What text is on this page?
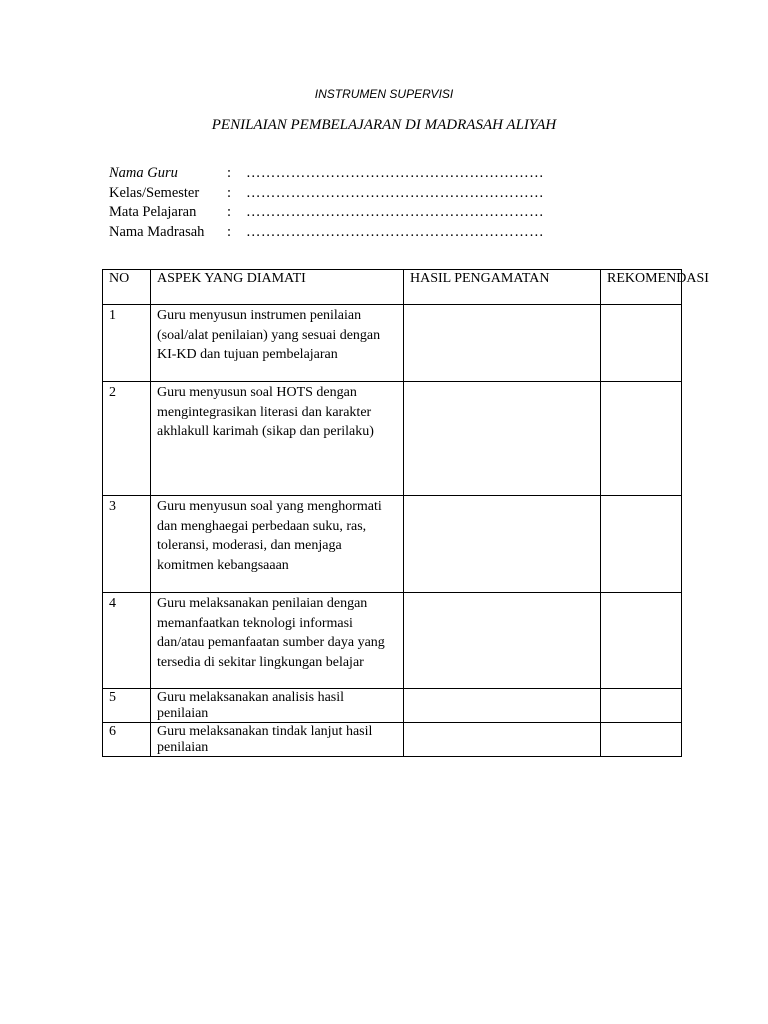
INSTRUMEN SUPERVISI
PENILAIAN PEMBELAJARAN DI MADRASAH ALIYAH
Nama Guru	: ……………………………………………………
Kelas/Semester : ……………………………………………………
Mata Pelajaran : ……………………………………………………
Nama Madrasah : ……………………………………………………
NO	ASPEK YANG DIAMATI	HASIL PENGAMATAN	REKOMENDASI
1	Guru menyusun instrumen penilaian (soal/alat penilaian) yang sesuai dengan KI-KD dan tujuan pembelajaran		
2	Guru menyusun soal HOTS dengan mengintegrasikan literasi dan karakter akhlakull karimah (sikap dan perilaku)		
3	Guru menyusun soal yang menghormati dan menghaegai perbedaan suku, ras, toleransi, moderasi, dan menjaga komitmen kebangsaaan		
4	Guru melaksanakan penilaian dengan memanfaatkan teknologi informasi dan/atau pemanfaatan sumber daya yang tersedia di sekitar lingkungan belajar		
5	Guru melaksanakan analisis hasil penilaian		
6	Guru melaksanakan tindak lanjut hasil penilaian		
